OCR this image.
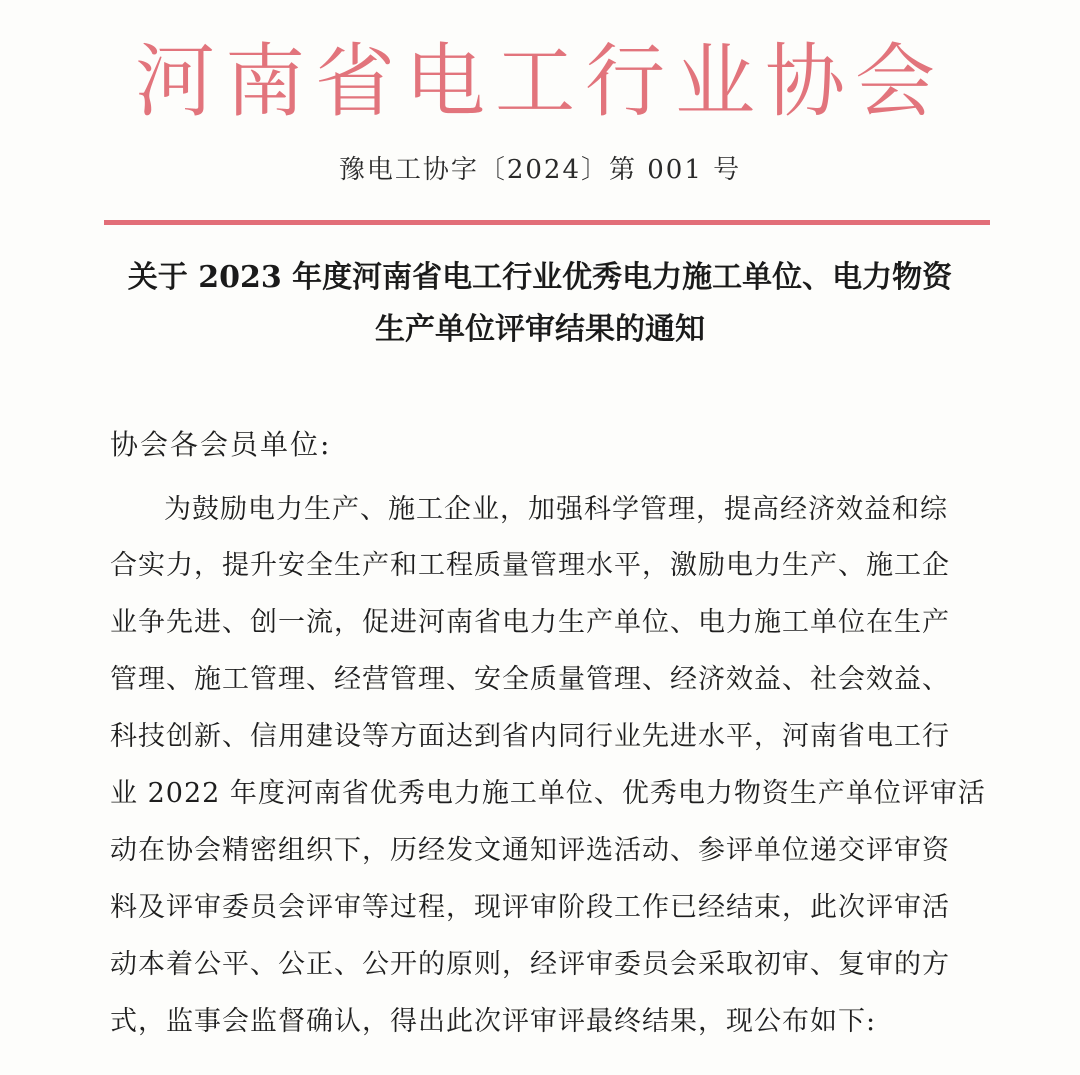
河南省电工行业协会
豫电工协字〔2024〕第 001 号
关于 2023 年度河南省电工行业优秀电力施工单位、电力物资
生产单位评审结果的通知
协会各会员单位:
为鼓励电力生产、施工企业，加强科学管理，提高经济效益和综
合实力，提升安全生产和工程质量管理水平，激励电力生产、施工企
业争先进、创一流，促进河南省电力生产单位、电力施工单位在生产
管理、施工管理、经营管理、安全质量管理、经济效益、社会效益、
科技创新、信用建设等方面达到省内同行业先进水平，河南省电工行
业 2022 年度河南省优秀电力施工单位、优秀电力物资生产单位评审活
动在协会精密组织下，历经发文通知评选活动、参评单位递交评审资
料及评审委员会评审等过程，现评审阶段工作已经结束，此次评审活
动本着公平、公正、公开的原则，经评审委员会采取初审、复审的方
式，监事会监督确认，得出此次评审评最终结果，现公布如下:
